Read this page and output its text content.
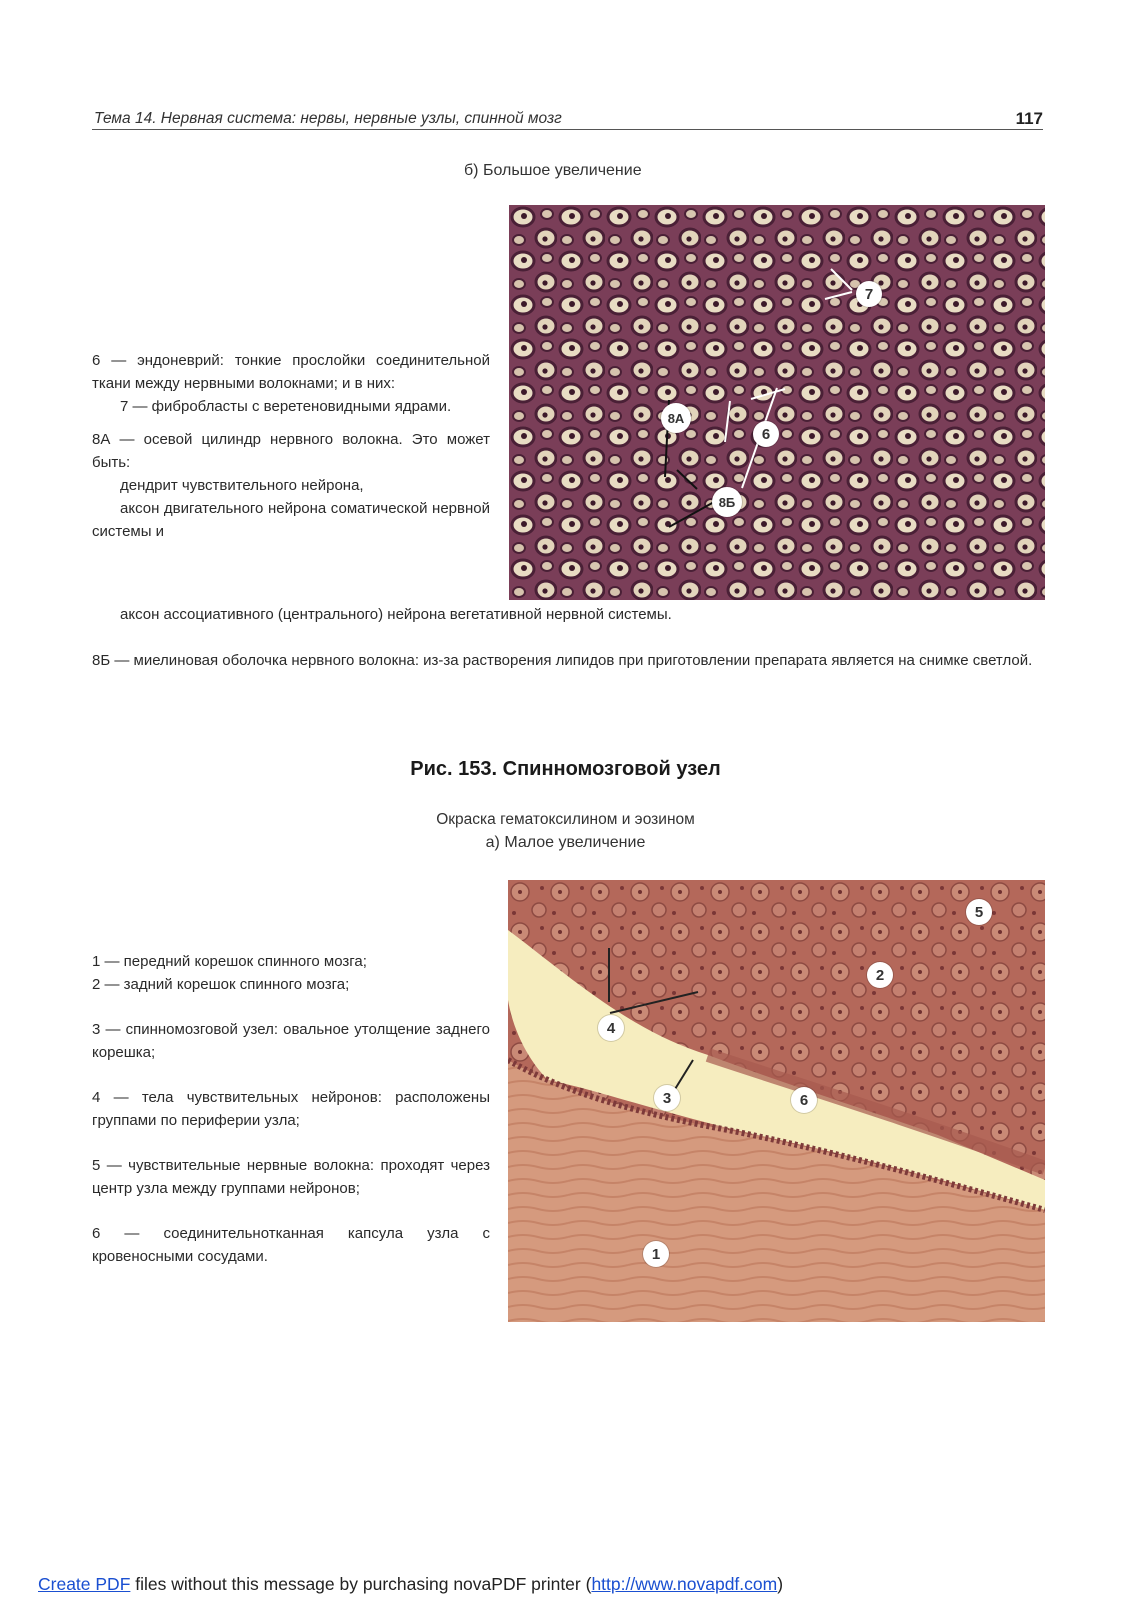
Тема 14. Нервная система: нервы, нервные узлы, спинной мозг	117
б) Большое увеличение
7
8А
6
8Б

6 — эндоневрий: тонкие прослойки соединительной ткани между нервными волокнами; и в них:

7 — фибробласты с веретеновидными ядрами.

8А — осевой цилиндр нервного волокна. Это может быть:

дендрит чувствительного нейрона,

аксон двигательного нейрона соматической нервной системы и

аксон ассоциативного (центрального) нейрона вегетативной нервной системы.
8Б — миелиновая оболочка нервного волокна: из-за растворения липидов при приготовлении препарата является на снимке светлой.
Рис. 153. Спинномозговой узел
Окраска гематоксилином и эозином
а) Малое увеличение
5
2
4
3	6
1

1 — передний корешок спинного мозга;

2 — задний корешок спинного мозга;

3 — спинномозговой узел: овальное утолщение заднего корешка;

4 — тела чувствительных нейронов: расположены группами по периферии узла;

5 — чувствительные нервные волокна: проходят через центр узла между группами нейронов;

6 — соединительнотканная капсула узла с кровеносными сосудами.

Create PDF files without this message by purchasing novaPDF printer (http://www.novapdf.com)
